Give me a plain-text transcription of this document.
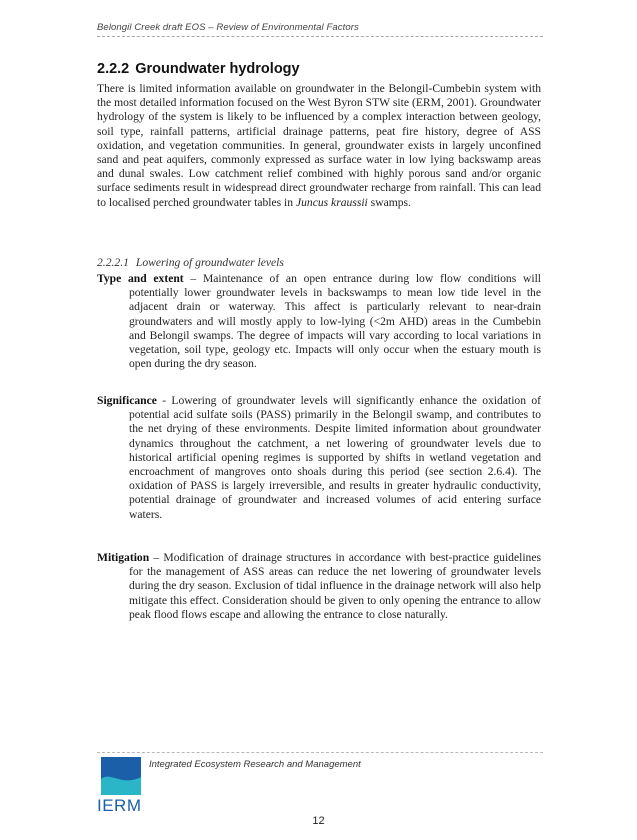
Belongil Creek draft EOS – Review of Environmental Factors
2.2.2 Groundwater hydrology
There is limited information available on groundwater in the Belongil-Cumbebin system with the most detailed information focused on the West Byron STW site (ERM, 2001). Groundwater hydrology of the system is likely to be influenced by a complex interaction between geology, soil type, rainfall patterns, artificial drainage patterns, peat fire history, degree of ASS oxidation, and vegetation communities. In general, groundwater exists in largely unconfined sand and peat aquifers, commonly expressed as surface water in low lying backswamp areas and dunal swales. Low catchment relief combined with highly porous sand and/or organic surface sediments result in widespread direct groundwater recharge from rainfall. This can lead to localised perched groundwater tables in Juncus kraussii swamps.
2.2.2.1 Lowering of groundwater levels
Type and extent – Maintenance of an open entrance during low flow conditions will potentially lower groundwater levels in backswamps to mean low tide level in the adjacent drain or waterway. This affect is particularly relevant to near-drain groundwaters and will mostly apply to low-lying (<2m AHD) areas in the Cumbebin and Belongil swamps. The degree of impacts will vary according to local variations in vegetation, soil type, geology etc. Impacts will only occur when the estuary mouth is open during the dry season.
Significance - Lowering of groundwater levels will significantly enhance the oxidation of potential acid sulfate soils (PASS) primarily in the Belongil swamp, and contributes to the net drying of these environments. Despite limited information about groundwater dynamics throughout the catchment, a net lowering of groundwater levels due to historical artificial opening regimes is supported by shifts in wetland vegetation and encroachment of mangroves onto shoals during this period (see section 2.6.4). The oxidation of PASS is largely irreversible, and results in greater hydraulic conductivity, potential drainage of groundwater and increased volumes of acid entering surface waters.
Mitigation – Modification of drainage structures in accordance with best-practice guidelines for the management of ASS areas can reduce the net lowering of groundwater levels during the dry season. Exclusion of tidal influence in the drainage network will also help mitigate this effect. Consideration should be given to only opening the entrance to allow peak flood flows escape and allowing the entrance to close naturally.
IERM
Integrated Ecosystem Research and Management
12
